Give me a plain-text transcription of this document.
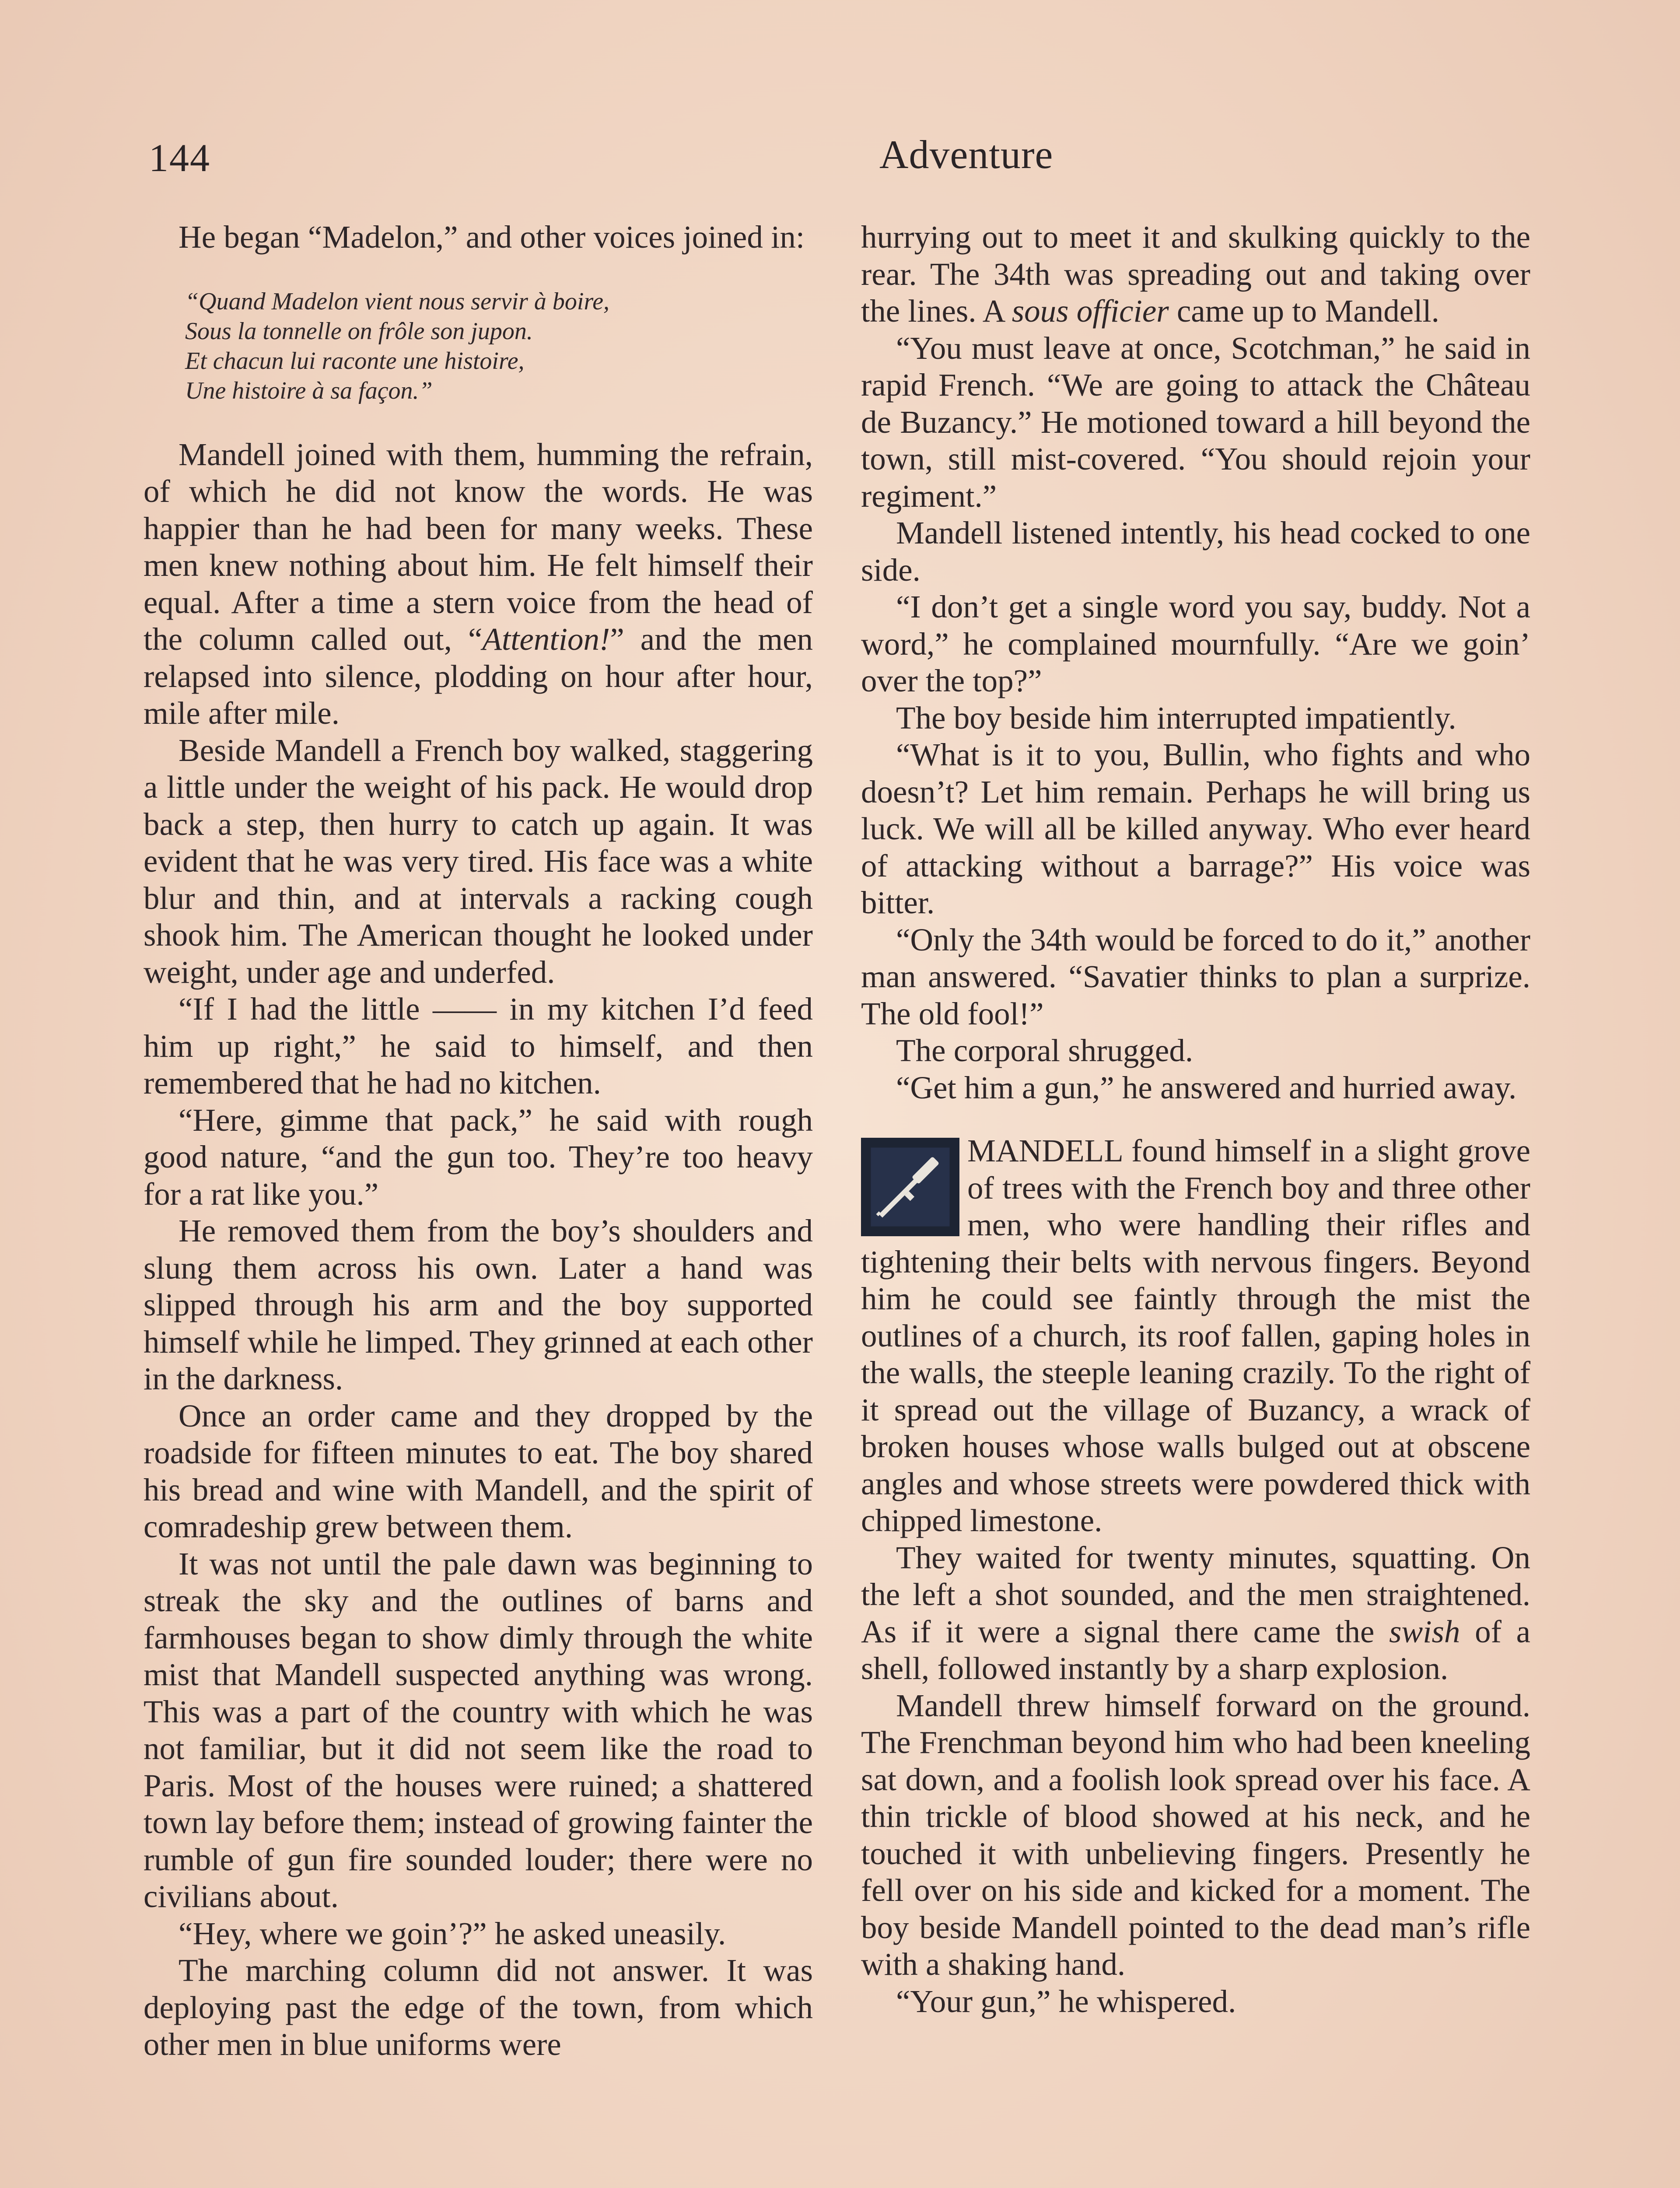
144	Adventure

He began “Madelon,” and other voices joined in:

“Quand Madelon vient nous servir à boire,
Sous la tonnelle on frôle son jupon.
Et chacun lui raconte une histoire,
Une histoire à sa façon.”

Mandell joined with them, humming the refrain, of which he did not know the words. He was happier than he had been for many weeks. These men knew nothing about him. He felt himself their equal. After a time a stern voice from the head of the column called out, “Attention!” and the men relapsed into silence, plodding on hour after hour, mile after mile.

Beside Mandell a French boy walked, staggering a little under the weight of his pack. He would drop back a step, then hurry to catch up again. It was evident that he was very tired. His face was a white blur and thin, and at intervals a racking cough shook him. The American thought he looked under weight, under age and underfed.

“If I had the little —— in my kitchen I’d feed him up right,” he said to himself, and then remembered that he had no kitchen.

“Here, gimme that pack,” he said with rough good nature, “and the gun too. They’re too heavy for a rat like you.”

He removed them from the boy’s shoulders and slung them across his own. Later a hand was slipped through his arm and the boy supported himself while he limped. They grinned at each other in the darkness.

Once an order came and they dropped by the roadside for fifteen minutes to eat. The boy shared his bread and wine with Mandell, and the spirit of comradeship grew between them.

It was not until the pale dawn was beginning to streak the sky and the outlines of barns and farmhouses began to show dimly through the white mist that Mandell suspected anything was wrong. This was a part of the country with which he was not familiar, but it did not seem like the road to Paris. Most of the houses were ruined; a shattered town lay before them; instead of growing fainter the rumble of gun fire sounded louder; there were no civilians about.

“Hey, where we goin’?” he asked uneasily.

The marching column did not answer. It was deploying past the edge of the town, from which other men in blue uniforms were

hurrying out to meet it and skulking quickly to the rear. The 34th was spreading out and taking over the lines. A sous officier came up to Mandell.

“You must leave at once, Scotchman,” he said in rapid French. “We are going to attack the Château de Buzancy.” He motioned toward a hill beyond the town, still mist-covered. “You should rejoin your regiment.”

Mandell listened intently, his head cocked to one side.

“I don’t get a single word you say, buddy. Not a word,” he complained mournfully. “Are we goin’ over the top?”

The boy beside him interrupted impatiently.

“What is it to you, Bullin, who fights and who doesn’t? Let him remain. Perhaps he will bring us luck. We will all be killed anyway. Who ever heard of attacking without a barrage?” His voice was bitter.

“Only the 34th would be forced to do it,” another man answered. “Savatier thinks to plan a surprize. The old fool!”

The corporal shrugged.

“Get him a gun,” he answered and hurried away.

MANDELL found himself in a slight grove of trees with the French boy and three other men, who were handling their rifles and tightening their belts with nervous fingers. Beyond him he could see faintly through the mist the outlines of a church, its roof fallen, gaping holes in the walls, the steeple leaning crazily. To the right of it spread out the village of Buzancy, a wrack of broken houses whose walls bulged out at obscene angles and whose streets were powdered thick with chipped limestone.

They waited for twenty minutes, squatting. On the left a shot sounded, and the men straightened. As if it were a signal there came the swish of a shell, followed instantly by a sharp explosion.

Mandell threw himself forward on the ground. The Frenchman beyond him who had been kneeling sat down, and a foolish look spread over his face. A thin trickle of blood showed at his neck, and he touched it with unbelieving fingers. Presently he fell over on his side and kicked for a moment. The boy beside Mandell pointed to the dead man’s rifle with a shaking hand.

“Your gun,” he whispered.
